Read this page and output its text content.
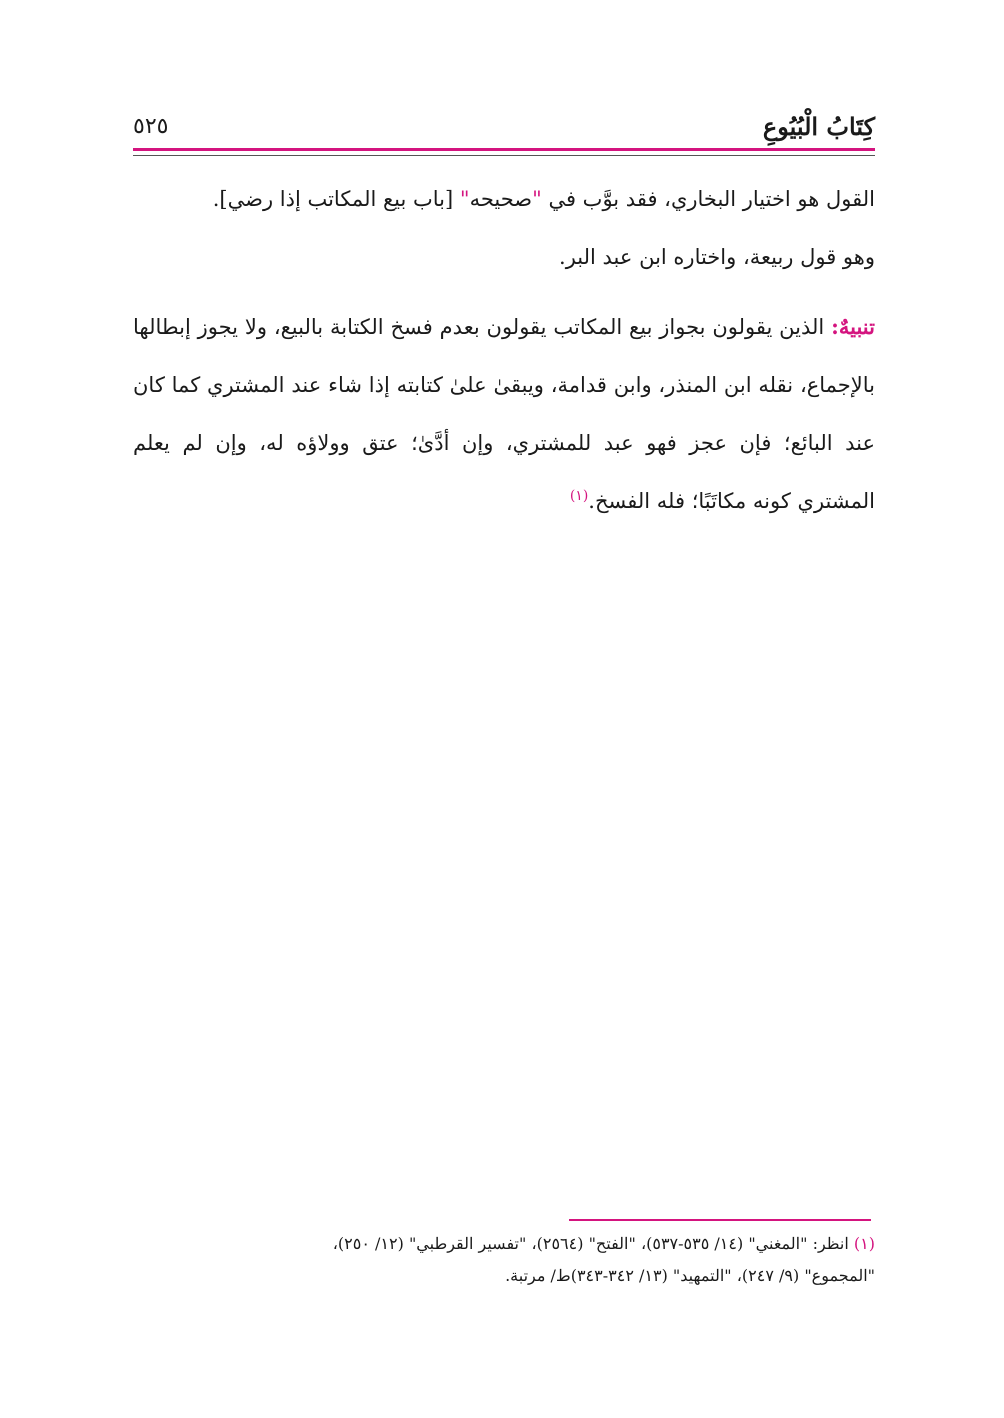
كِتَابُ الْبُيُوعِ
٥٢٥

القول هو اختيار البخاري، فقد بوَّب في "صحيحه" [باب بيع المكاتب إذا رضي].

وهو قول ربيعة، واختاره ابن عبد البر.

تنبيهٌ: الذين يقولون بجواز بيع المكاتب يقولون بعدم فسخ الكتابة بالبيع، ولا يجوز إبطالها بالإجماع، نقله ابن المنذر، وابن قدامة، ويبقىٰ علىٰ كتابته إذا شاء عند المشتري كما كان عند البائع؛ فإن عجز فهو عبد للمشتري، وإن أدَّىٰ؛ عتق وولاؤه له، وإن لم يعلم المشتري كونه مكاتَبًا؛ فله الفسخ.$^{(١)}$

(١) انظر: "المغني" (١٤/ ٥٣٥-٥٣٧)، "الفتح" (٢٥٦٤)، "تفسير القرطبي" (١٢/ ٢٥٠)،

"المجموع" (٩/ ٢٤٧)، "التمهيد" (١٣/ ٣٤٢-٣٤٣)ط/ مرتبة.
